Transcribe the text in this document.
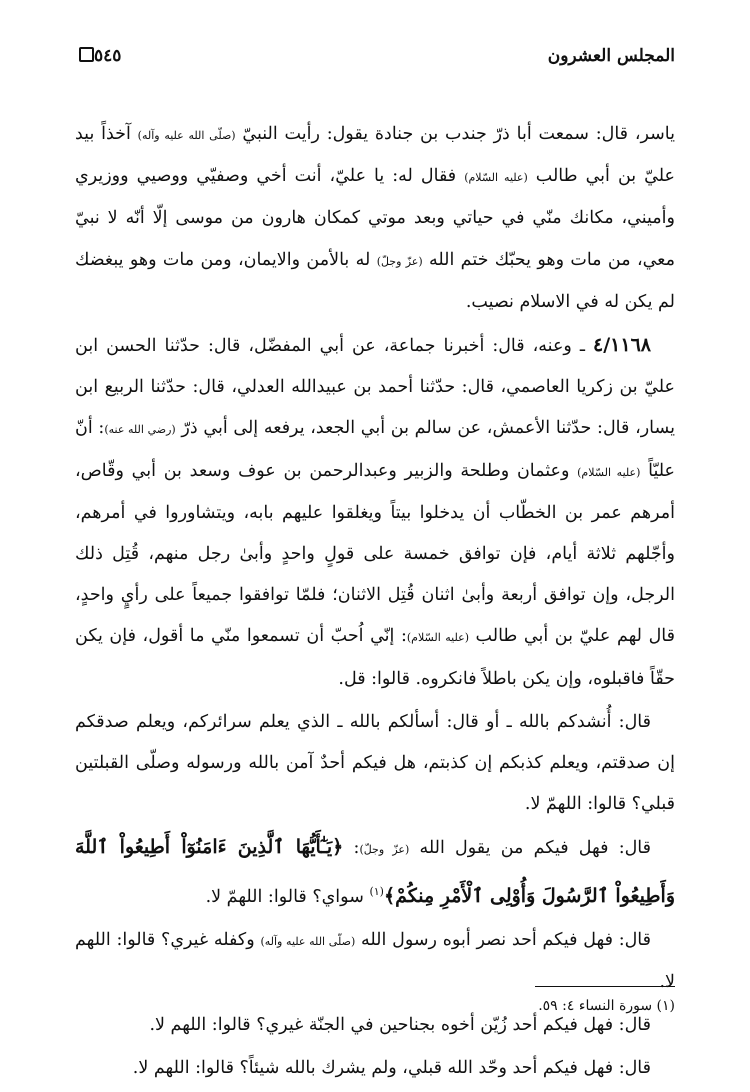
المجلس العشرون
٥٤٥

ياسر، قال: سمعت أبا ذرّ جندب بن جنادة يقول: رأيت النبيّ (صلّى الله عليه وآله) آخذاً بيد عليّ بن أبي طالب (عليه السّلام) فقال له: يا عليّ، أنت أخي وصفيّي ووصيي ووزيري وأميني، مكانك منّي في حياتي وبعد موتي كمكان هارون من موسى إلّا أنّه لا نبيّ معي، من مات وهو يحبّك ختم الله (عزّ وجلّ) له بالأمن والايمان، ومن مات وهو يبغضك لم يكن له في الاسلام نصيب.

٤/١١٦٨ ـ وعنه، قال: أخبرنا جماعة، عن أبي المفضّل، قال: حدّثنا الحسن ابن عليّ بن زكريا العاصمي، قال: حدّثنا أحمد بن عبيدالله العدلي، قال: حدّثنا الربيع ابن يسار، قال: حدّثنا الأعمش، عن سالم بن أبي الجعد، يرفعه إلى أبي ذرّ (رضي الله عنه): أنّ عليّاً (عليه السّلام) وعثمان وطلحة والزبير وعبدالرحمن بن عوف وسعد بن أبي وقّاص، أمرهم عمر بن الخطّاب أن يدخلوا بيتاً ويغلقوا عليهم بابه، ويتشاوروا في أمرهم، وأجّلهم ثلاثة أيام، فإن توافق خمسة على قولٍ واحدٍ وأبىٰ رجل منهم، قُتِل ذلك الرجل، وإن توافق أربعة وأبىٰ اثنان قُتِل الاثنان؛ فلمّا توافقوا جميعاً على رأيٍ واحدٍ، قال لهم عليّ بن أبي طالب (عليه السّلام): إنّي اُحبّ أن تسمعوا منّي ما أقول، فإن يكن حقّاً فاقبلوه، وإن يكن باطلاً فانكروه. قالوا: قل.

قال: أُنشدكم بالله ـ أو قال: أسألكم بالله ـ الذي يعلم سرائركم، ويعلم صدقكم إن صدقتم، ويعلم كذبكم إن كذبتم، هل فيكم أحدٌ آمن بالله ورسوله وصلّى القبلتين قبلي؟ قالوا: اللهمّ لا.

قال: فهل فيكم من يقول الله (عزّ وجلّ): ﴿يَـٰٓأَيُّهَا ٱلَّذِينَ ءَامَنُوٓاْ أَطِيعُواْ ٱللَّهَ وَأَطِيعُواْ ٱلرَّسُولَ وَأُوْلِى ٱلْأَمْرِ مِنكُمْ﴾$^{(١)}$ سواي؟ قالوا: اللهمّ لا.

قال: فهل فيكم أحد نصر أبوه رسول الله (صلّى الله عليه وآله) وكفله غيري؟ قالوا: اللهم لا.

قال: فهل فيكم أحد زُيّن أخوه بجناحين في الجنّة غيري؟ قالوا: اللهم لا.

قال: فهل فيكم أحد وحّد الله قبلي، ولم يشرك بالله شيئاً؟ قالوا: اللهم لا.

(١) سورة النساء ٤: ٥٩.
